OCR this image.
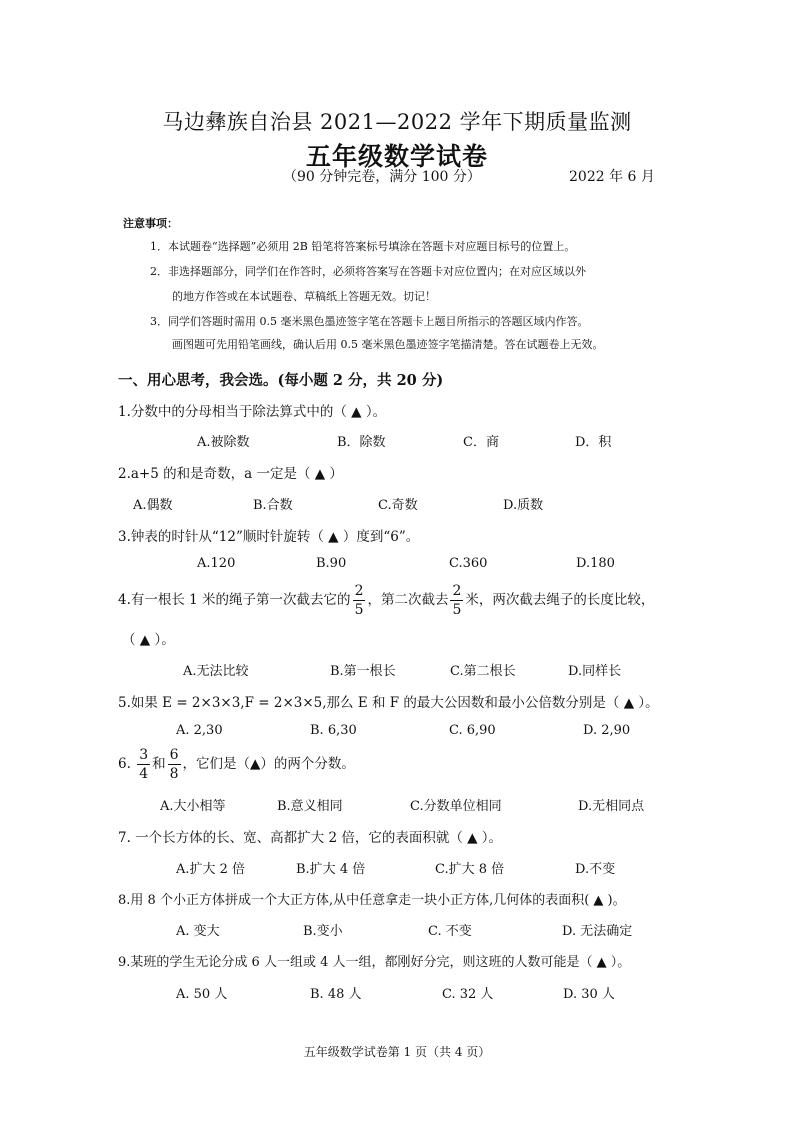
马边彝族自治县 2021—2022 学年下期质量监测
五年级数学试卷
（90 分钟完卷，满分 100 分）	2022 年 6 月
注意事项：
1．本试题卷“选择题”必须用 2B 铅笔将答案标号填涂在答题卡对应题目标号的位置上。
2．非选择题部分，同学们在作答时，必须将答案写在答题卡对应位置内；在对应区域以外
的地方作答或在本试题卷、草稿纸上答题无效。切记！
3．同学们答题时需用 0.5 毫米黑色墨迹签字笔在答题卡上题目所指示的答题区域内作答。
画图题可先用铅笔画线，确认后用 0.5 毫米黑色墨迹签字笔描清楚。答在试题卷上无效。
一、用心思考，我会选。(每小题 2 分，共 20 分)
1.分数中的分母相当于除法算式中的（ ▲ ）。
A.被除数	B．除数	C．商	D．积
2.a+5 的和是奇数，a 一定是（ ▲ ）
A.偶数	B.合数	C.奇数	D.质数
3.钟表的时针从“12”顺时针旋转（ ▲ ）度到“6”。
A.120	B.90	C.360	D.180
4.有一根长 1 米的绳子第一次截去它的 $\frac{2}{5}$ ，第二次截去 $\frac{2}{5}$ 米，两次截去绳子的长度比较，
（ ▲ ）。
A.无法比较	B.第一根长	C.第二根长	D.同样长
5.如果 E = 2×3×3,F = 2×3×5,那么 E 和 F 的最大公因数和最小公倍数分别是（ ▲ ）。
A. 2,30	B. 6,30	C. 6,90	D. 2,90
6. $\frac{3}{4}$ 和 $\frac{6}{8}$ ，它们是（▲）的两个分数。
A.大小相等	B.意义相同	C.分数单位相同	D.无相同点
7. 一个长方体的长、宽、高都扩大 2 倍，它的表面积就（ ▲ ）。
A.扩大 2 倍	B.扩大 4 倍	C.扩大 8 倍	D.不变
8.用 8 个小正方体拼成一个大正方体,从中任意拿走一块小正方体,几何体的表面积( ▲ )。
A. 变大	B.变小	C. 不变	D. 无法确定
9.某班的学生无论分成 6 人一组或 4 人一组，都刚好分完，则这班的人数可能是（ ▲ ）。
A. 50 人	B. 48 人	C. 32 人	D. 30 人
五年级数学试卷第 1 页（共 4 页）
